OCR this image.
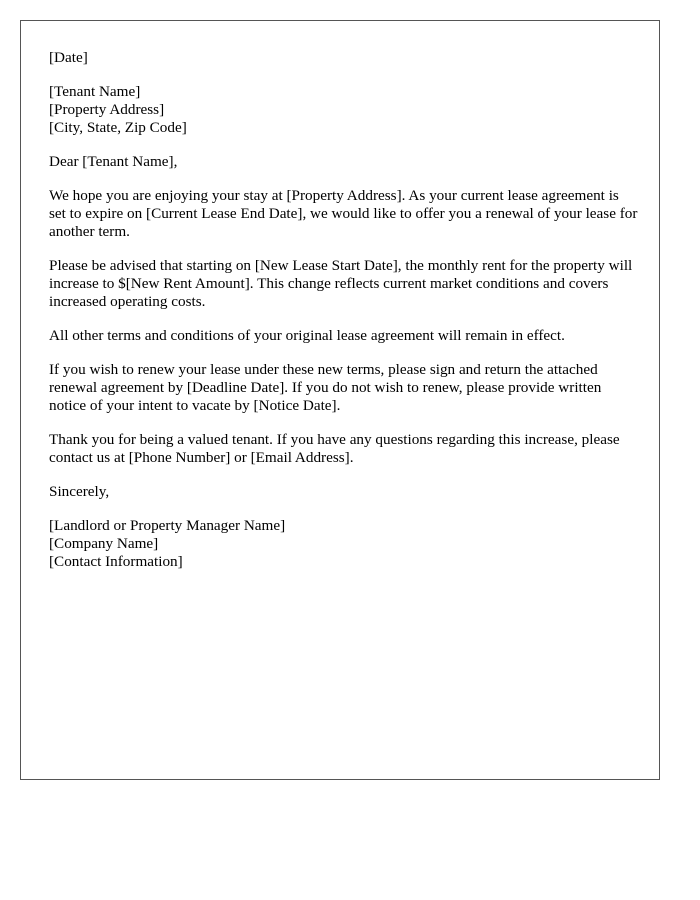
[Date]
[Tenant Name]
[Property Address]
[City, State, Zip Code]
Dear [Tenant Name],

We hope you are enjoying your stay at [Property Address]. As your current lease agreement is set to expire on [Current Lease End Date], we would like to offer you a renewal of your lease for another term.

Please be advised that starting on [New Lease Start Date], the monthly rent for the property will increase to $[New Rent Amount]. This change reflects current market conditions and covers increased operating costs.

All other terms and conditions of your original lease agreement will remain in effect.

If you wish to renew your lease under these new terms, please sign and return the attached renewal agreement by [Deadline Date]. If you do not wish to renew, please provide written notice of your intent to vacate by [Notice Date].

Thank you for being a valued tenant. If you have any questions regarding this increase, please contact us at [Phone Number] or [Email Address].

Sincerely,
[Landlord or Property Manager Name]
[Company Name]
[Contact Information]
